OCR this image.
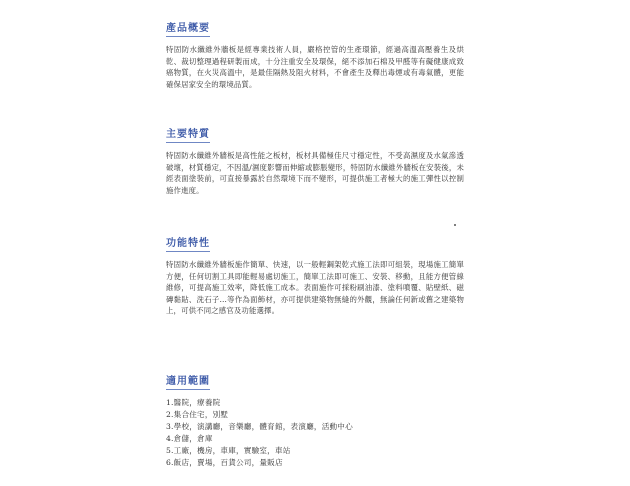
產品概要

特固防水纖維外牆板是經專業技術人員，嚴格控管的生產環節，經過高溫高壓養生及烘乾、裁切整理過程研製而成，十分注重安全及環保，絕不添加石棉及甲醛等有礙健康成致癌物質，在火災高溫中，是最佳隔熱及阻火材料，不會產生及釋出毒煙或有毒氣體，更能確保居家安全的環境品質。

主要特質

特固防水纖維外牆板是高性能之板材，板材具備極佳尺寸穩定性，不受高濕度及水氣滲透破壞，材質穩定，不因溫/濕度影響而伸縮或膨脹變形，特固防水纖維外牆板在安裝後，未經表面塗裝前，可直接暴露於自然環境下而不變形，可提供施工者極大的施工彈性以控制施作進度。

功能特性

特固防水纖維外牆板施作簡單、快速，以一般輕鋼架乾式施工法即可組裝，現場施工簡單方便，任何切割工具即能輕易處切施工，簡單工法即可施工、安裝、移動，且能方便管線維修，可提高施工效率，降低施工成本。表面施作可採粉刷油漆、塗料噴覆、貼壁紙、磁磚黏貼、洗石子…等作為面飾材，亦可提供建築物無縫的外觀，無論任何新或舊之建築物上，可供不同之感官及功能選擇。

適用範圍
1.醫院，療養院
2.集合住宅，別墅
3.學校，演講廳，音樂廳，體育館，表演廳，活動中心
4.倉儲，倉庫
5.工廠，機房，車庫，實驗室，車站
6.飯店，賣場，百貨公司，量販店
